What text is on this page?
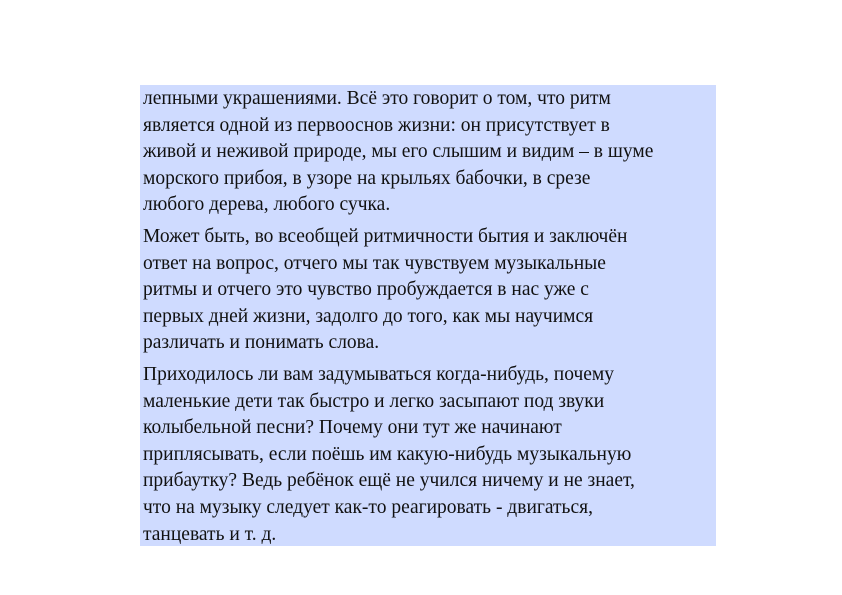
лепными украшениями. Всё это говорит о том, что ритм
является одной из первооснов жизни: он присутствует в
живой и неживой природе, мы его слышим и видим – в шуме
морского прибоя, в узоре на крыльях бабочки, в срезе
любого дерева, любого сучка.

Может быть, во всеобщей ритмичности бытия и заключён
ответ на вопрос, отчего мы так чувствуем музыкальные
ритмы и отчего это чувство пробуждается в нас уже с
первых дней жизни, задолго до того, как мы научимся
различать и понимать слова.

Приходилось ли вам задумываться когда-нибудь, почему
маленькие дети так быстро и легко засыпают под звуки
колыбельной песни? Почему они тут же начинают
приплясывать, если поёшь им какую-нибудь музыкальную
прибаутку? Ведь ребёнок ещё не учился ничему и не знает,
что на музыку следует как-то реагировать - двигаться,
танцевать и т. д.
